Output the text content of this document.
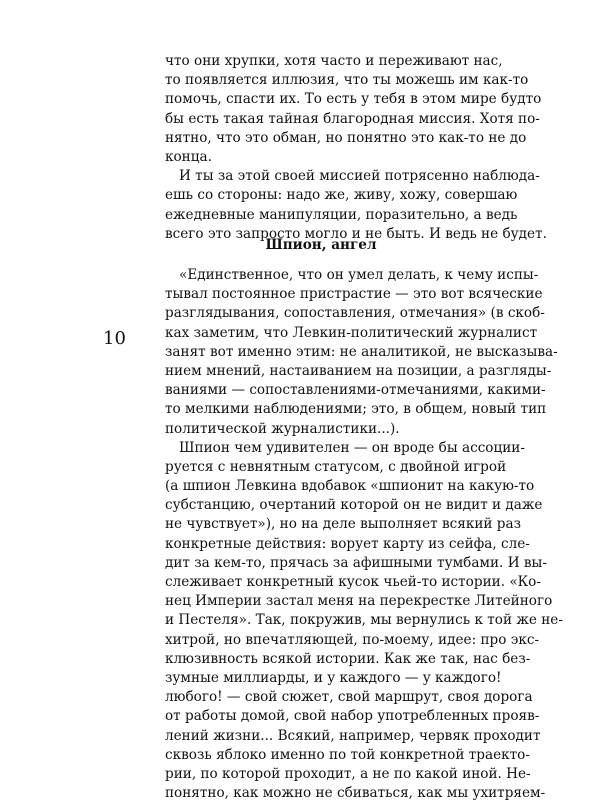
что они хрупки, хотя часто и переживают нас,
то появляется иллюзия, что ты можешь им как-то
помочь, спасти их. То есть у тебя в этом мире будто
бы есть такая тайная благородная миссия. Хотя по-
нятно, что это обман, но понятно это как-то не до
конца.
И ты за этой своей миссией потрясенно наблюда-
ешь со стороны: надо же, живу, хожу, совершаю
ежедневные манипуляции, поразительно, а ведь
всего это запросто могло и не быть. И ведь не будет.
Шпион, ангел
10
«Единственное, что он умел делать, к чему испы-
тывал постоянное пристрастие — это вот всяческие
разглядывания, сопоставления, отмечания» (в скоб-
ках заметим, что Левкин-политический журналист
занят вот именно этим: не аналитикой, не высказыва-
нием мнений, настаиванием на позиции, а разгляды-
ваниями — сопоставлениями-отмечаниями, какими-
то мелкими наблюдениями; это, в общем, новый тип
политической журналистики...).
Шпион чем удивителен — он вроде бы ассоции-
руется с невнятным статусом, с двойной игрой
(а шпион Левкина вдобавок «шпионит на какую-то
субстанцию, очертаний которой он не видит и даже
не чувствует»), но на деле выполняет всякий раз
конкретные действия: ворует карту из сейфа, сле-
дит за кем-то, прячась за афишными тумбами. И вы-
слеживает конкретный кусок чьей-то истории. «Ко-
нец Империи застал меня на перекрестке Литейного
и Пестеля». Так, покружив, мы вернулись к той же не-
хитрой, но впечатляющей, по-моему, идее: про экс-
клюзивность всякой истории. Как же так, нас без-
зумные миллиарды, и у каждого — у каждого!
любого! — свой сюжет, свой маршрут, своя дорога
от работы домой, свой набор употребленных прояв-
лений жизни... Всякий, например, червяк проходит
сквозь яблоко именно по той конкретной траекто-
рии, по которой проходит, а не по какой иной. Не-
понятно, как можно не сбиваться, как мы ухитряем-
